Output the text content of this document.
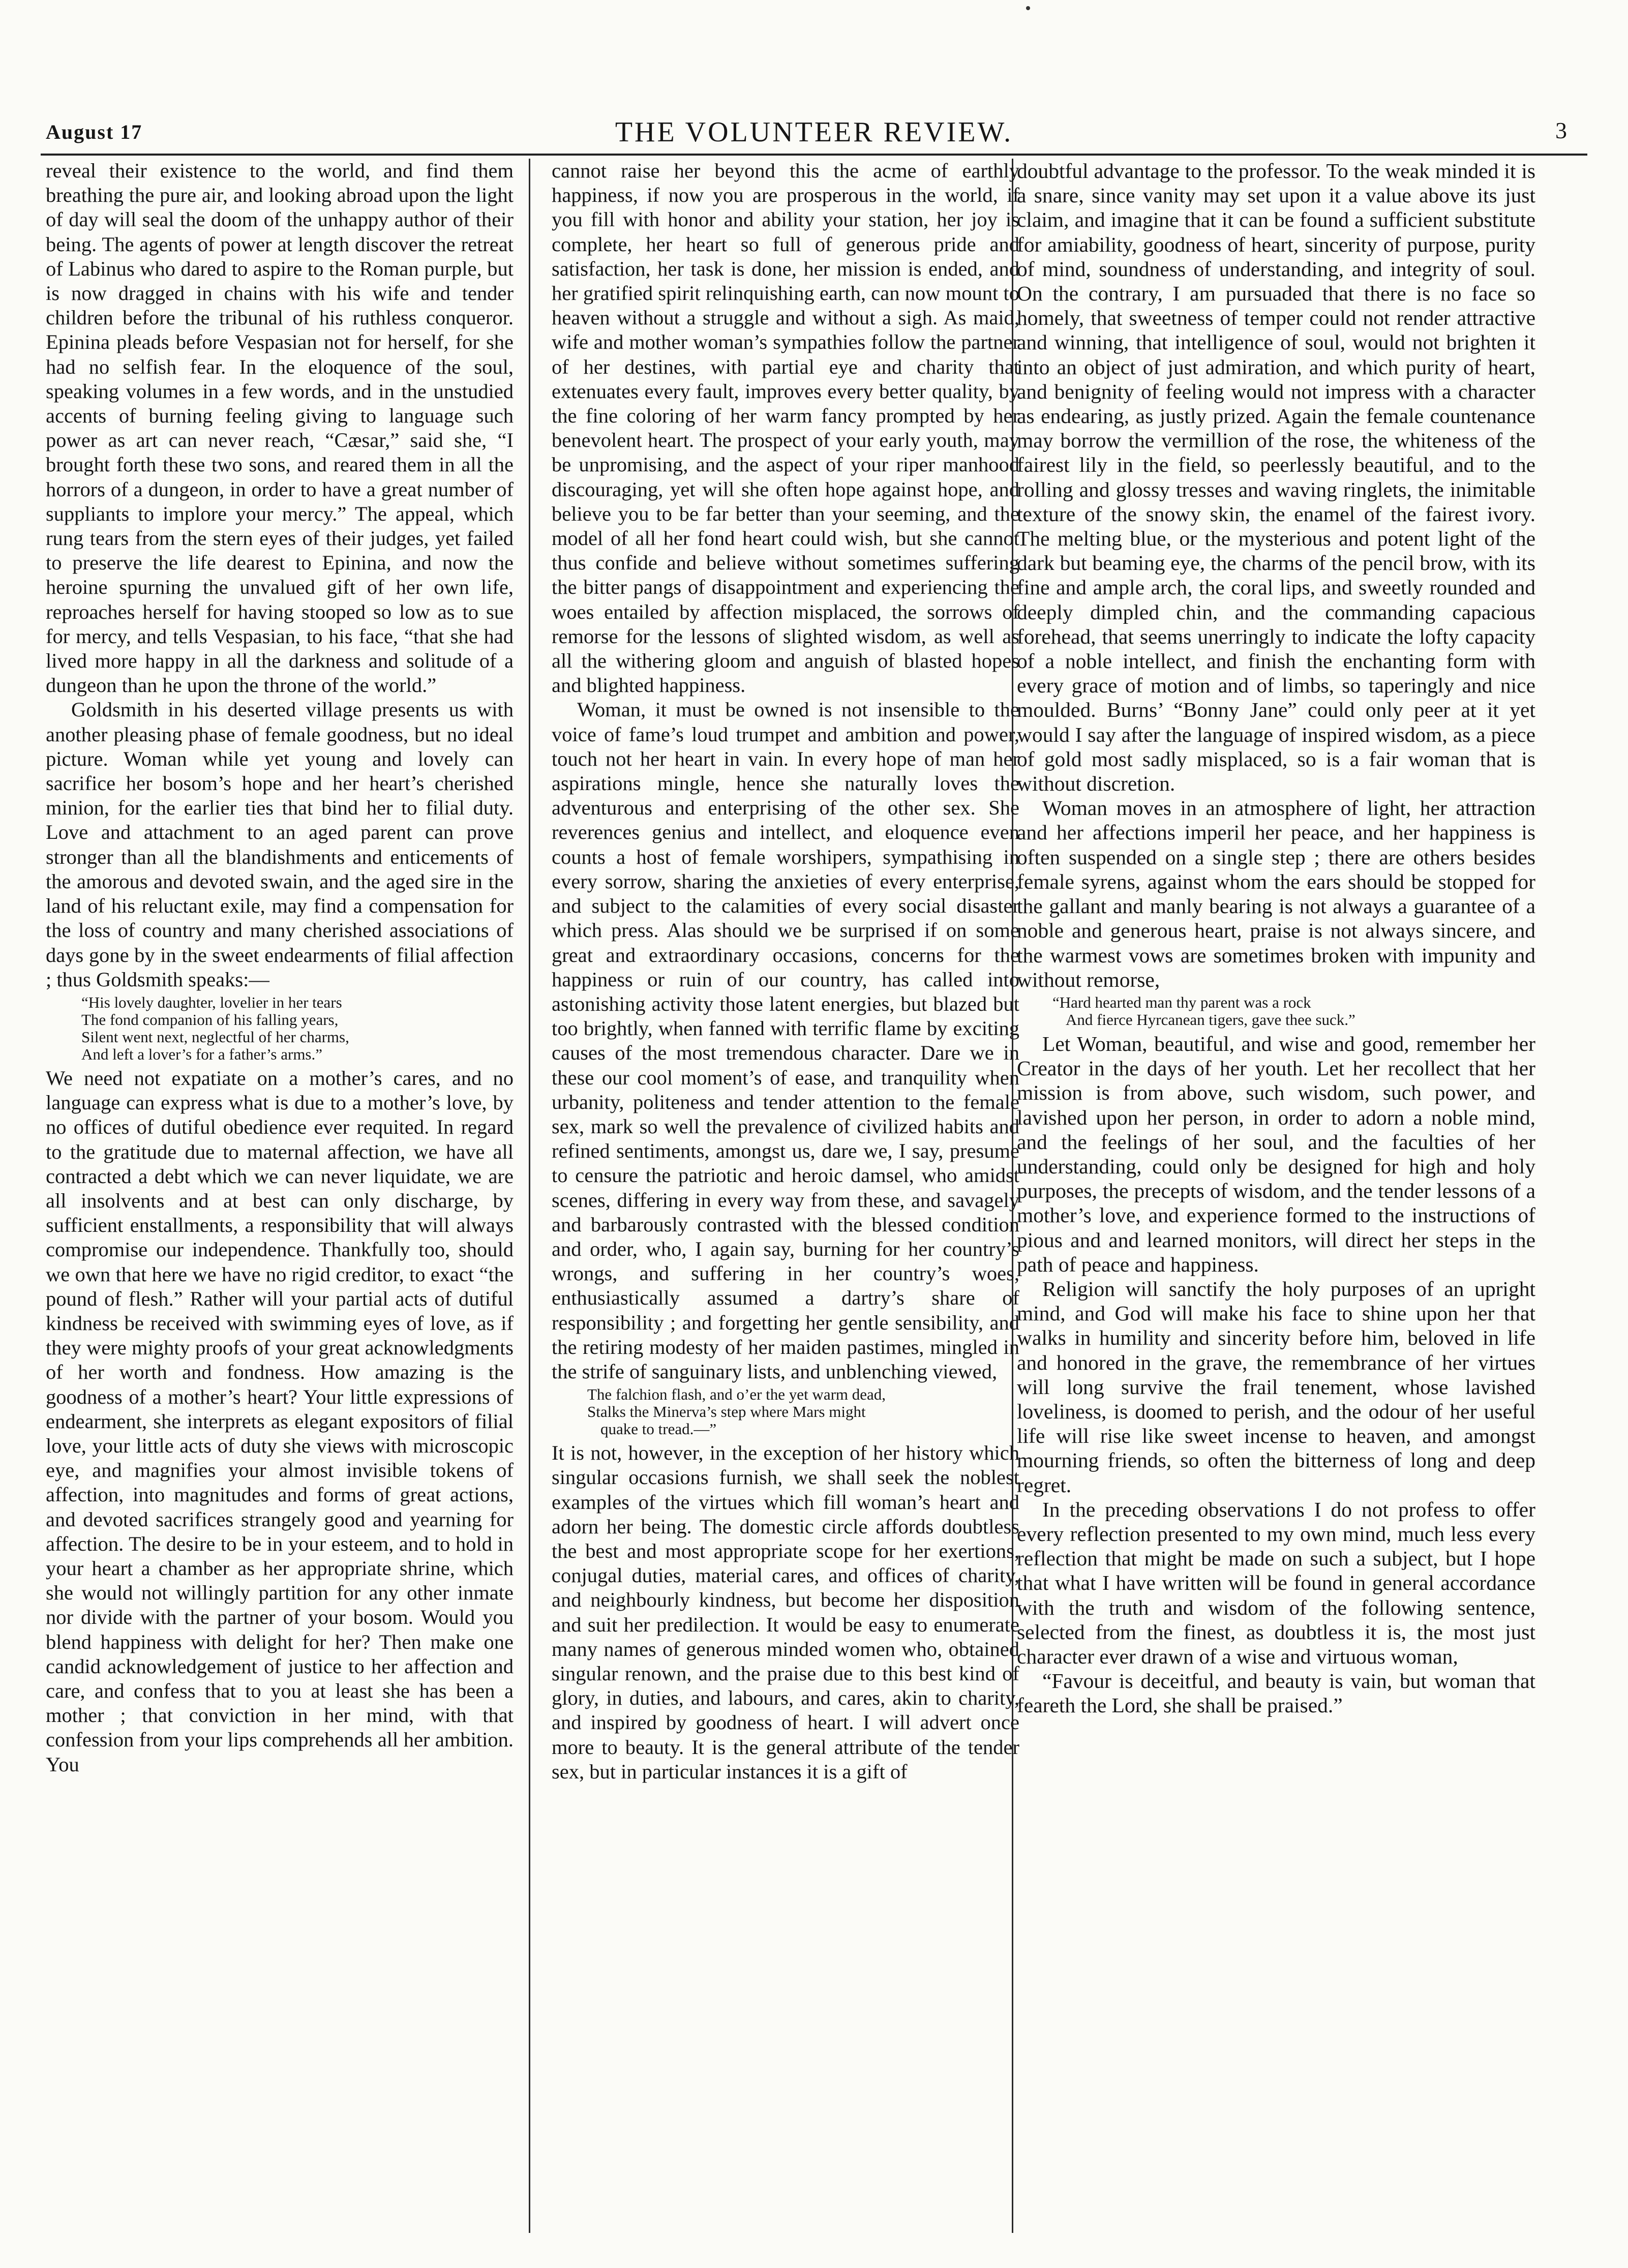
August 17	THE VOLUNTEER REVIEW.	3

reveal their existence to the world, and find them breathing the pure air, and looking abroad upon the light of day will seal the doom of the unhappy author of their being. The agents of power at length discover the retreat of Labinus who dared to aspire to the Roman purple, but is now dragged in chains with his wife and tender children before the tribunal of his ruthless conqueror. Epinina pleads before Vespasian not for herself, for she had no selfish fear. In the eloquence of the soul, speaking volumes in a few words, and in the unstudied accents of burning feeling giving to language such power as art can never reach, “Cæsar,” said she, “I brought forth these two sons, and reared them in all the horrors of a dungeon, in order to have a great number of suppliants to implore your mercy.” The appeal, which rung tears from the stern eyes of their judges, yet failed to preserve the life dearest to Epinina, and now the heroine spurning the unvalued gift of her own life, reproaches herself for having stooped so low as to sue for mercy, and tells Vespasian, to his face, “that she had lived more happy in all the darkness and solitude of a dungeon than he upon the throne of the world.”

Goldsmith in his deserted village presents us with another pleasing phase of female goodness, but no ideal picture. Woman while yet young and lovely can sacrifice her bosom’s hope and her heart’s cherished minion, for the earlier ties that bind her to filial duty. Love and attachment to an aged parent can prove stronger than all the blandishments and enticements of the amorous and devoted swain, and the aged sire in the land of his reluctant exile, may find a compensation for the loss of country and many cherished associations of days gone by in the sweet endearments of filial affection ; thus Goldsmith speaks:—

“His lovely daughter, lovelier in her tears
The fond companion of his falling years,
Silent went next, neglectful of her charms,
And left a lover’s for a father’s arms.”

We need not expatiate on a mother’s cares, and no language can express what is due to a mother’s love, by no offices of dutiful obedience ever requited. In regard to the gratitude due to maternal affection, we have all contracted a debt which we can never liquidate, we are all insolvents and at best can only discharge, by sufficient enstallments, a responsibility that will always compromise our independence. Thankfully too, should we own that here we have no rigid creditor, to exact “the pound of flesh.” Rather will your partial acts of dutiful kindness be received with swimming eyes of love, as if they were mighty proofs of your great acknowledgments of her worth and fondness. How amazing is the goodness of a mother’s heart? Your little expressions of endearment, she interprets as elegant expositors of filial love, your little acts of duty she views with microscopic eye, and magnifies your almost invisible tokens of affection, into magnitudes and forms of great actions, and devoted sacrifices strangely good and yearning for affection. The desire to be in your esteem, and to hold in your heart a chamber as her appropriate shrine, which she would not willingly partition for any other inmate nor divide with the partner of your bosom. Would you blend happiness with delight for her? Then make one candid acknowledgement of justice to her affection and care, and confess that to you at least she has been a mother ; that conviction in her mind, with that confession from your lips comprehends all her ambition. You

cannot raise her beyond this the acme of earthly happiness, if now you are prosperous in the world, if you fill with honor and ability your station, her joy is complete, her heart so full of generous pride and satisfaction, her task is done, her mission is ended, and her gratified spirit relinquishing earth, can now mount to heaven without a struggle and without a sigh. As maid, wife and mother woman’s sympathies follow the partner of her destines, with partial eye and charity that extenuates every fault, improves every better quality, by the fine coloring of her warm fancy prompted by her benevolent heart. The prospect of your early youth, may be unpromising, and the aspect of your riper manhood discouraging, yet will she often hope against hope, and believe you to be far better than your seeming, and the model of all her fond heart could wish, but she cannot thus confide and believe without sometimes suffering the bitter pangs of disappointment and experiencing the woes entailed by affection misplaced, the sorrows of remorse for the lessons of slighted wisdom, as well as all the withering gloom and anguish of blasted hopes and blighted happiness.

Woman, it must be owned is not insensible to the voice of fame’s loud trumpet and ambition and power, touch not her heart in vain. In every hope of man her aspirations mingle, hence she naturally loves the adventurous and enterprising of the other sex. She reverences genius and intellect, and eloquence even counts a host of female worshipers, sympathising in every sorrow, sharing the anxieties of every enterprise, and subject to the calamities of every social disaster which press. Alas should we be surprised if on some great and extraordinary occasions, concerns for the happiness or ruin of our country, has called into astonishing activity those latent energies, but blazed but too brightly, when fanned with terrific flame by exciting causes of the most tremendous character. Dare we in these our cool moment’s of ease, and tranquility when urbanity, politeness and tender attention to the female sex, mark so well the prevalence of civilized habits and refined sentiments, amongst us, dare we, I say, presume to censure the patriotic and heroic damsel, who amidst scenes, differing in every way from these, and savagely and barbarously contrasted with the blessed condition and order, who, I again say, burning for her country’s wrongs, and suffering in her country’s woes, enthusiastically assumed a dartry’s share of responsibility ; and forgetting her gentle sensibility, and the retiring modesty of her maiden pastimes, mingled in the strife of sanguinary lists, and unblenching viewed,

The falchion flash, and o’er the yet warm dead,
Stalks the Minerva’s step where Mars might
quake to tread.—”

It is not, however, in the exception of her history which singular occasions furnish, we shall seek the noblest examples of the virtues which fill woman’s heart and adorn her being. The domestic circle affords doubtless the best and most appropriate scope for her exertions, conjugal duties, material cares, and offices of charity, and neighbourly kindness, but become her disposition and suit her predilection. It would be easy to enumerate many names of generous minded women who, obtained singular renown, and the praise due to this best kind of glory, in duties, and labours, and cares, akin to charity, and inspired by goodness of heart. I will advert once more to beauty. It is the general attribute of the tender sex, but in particular instances it is a gift of

doubtful advantage to the professor. To the weak minded it is a snare, since vanity may set upon it a value above its just claim, and imagine that it can be found a sufficient substitute for amiability, goodness of heart, sincerity of purpose, purity of mind, soundness of understanding, and integrity of soul. On the contrary, I am pursuaded that there is no face so homely, that sweetness of temper could not render attractive and winning, that intelligence of soul, would not brighten it into an object of just admiration, and which purity of heart, and benignity of feeling would not impress with a character as endearing, as justly prized. Again the female countenance may borrow the vermillion of the rose, the whiteness of the fairest lily in the field, so peerlessly beautiful, and to the rolling and glossy tresses and waving ringlets, the inimitable texture of the snowy skin, the enamel of the fairest ivory. The melting blue, or the mysterious and potent light of the dark but beaming eye, the charms of the pencil brow, with its fine and ample arch, the coral lips, and sweetly rounded and deeply dimpled chin, and the commanding capacious forehead, that seems unerringly to indicate the lofty capacity of a noble intellect, and finish the enchanting form with every grace of motion and of limbs, so taperingly and nice moulded. Burns’ “Bonny Jane” could only peer at it yet would I say after the language of inspired wisdom, as a piece of gold most sadly misplaced, so is a fair woman that is without discretion.

Woman moves in an atmosphere of light, her attraction and her affections imperil her peace, and her happiness is often suspended on a single step ; there are others besides female syrens, against whom the ears should be stopped for the gallant and manly bearing is not always a guarantee of a noble and generous heart, praise is not always sincere, and the warmest vows are sometimes broken with impunity and without remorse,

“Hard hearted man thy parent was a rock
And fierce Hyrcanean tigers, gave thee suck.”

Let Woman, beautiful, and wise and good, remember her Creator in the days of her youth. Let her recollect that her mission is from above, such wisdom, such power, and lavished upon her person, in order to adorn a noble mind, and the feelings of her soul, and the faculties of her understanding, could only be designed for high and holy purposes, the precepts of wisdom, and the tender lessons of a mother’s love, and experience formed to the instructions of pious and and learned monitors, will direct her steps in the path of peace and happiness.

Religion will sanctify the holy purposes of an upright mind, and God will make his face to shine upon her that walks in humility and sincerity before him, beloved in life and honored in the grave, the remembrance of her virtues will long survive the frail tenement, whose lavished loveliness, is doomed to perish, and the odour of her useful life will rise like sweet incense to heaven, and amongst mourning friends, so often the bitterness of long and deep regret.

In the preceding observations I do not profess to offer every reflection presented to my own mind, much less every reflection that might be made on such a subject, but I hope that what I have written will be found in general accordance with the truth and wisdom of the following sentence, selected from the finest, as doubtless it is, the most just character ever drawn of a wise and virtuous woman,

“Favour is deceitful, and beauty is vain, but woman that feareth the Lord, she shall be praised.”
